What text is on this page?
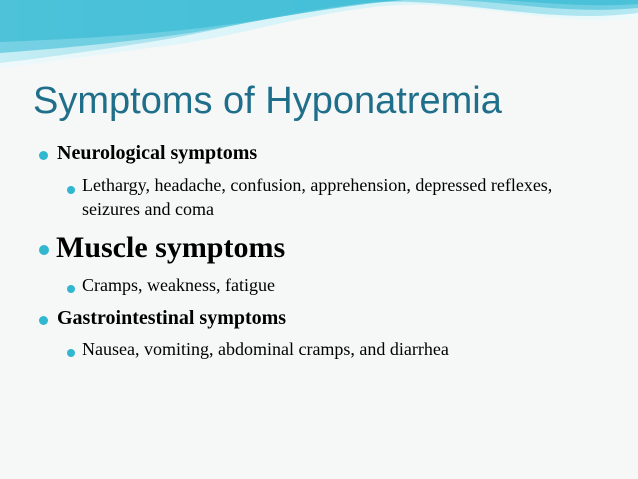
Symptoms of Hyponatremia
Neurological symptoms
Lethargy, headache, confusion, apprehension, depressed reflexes, seizures and coma
Muscle symptoms
Cramps, weakness, fatigue
Gastrointestinal symptoms
Nausea, vomiting, abdominal cramps, and diarrhea
